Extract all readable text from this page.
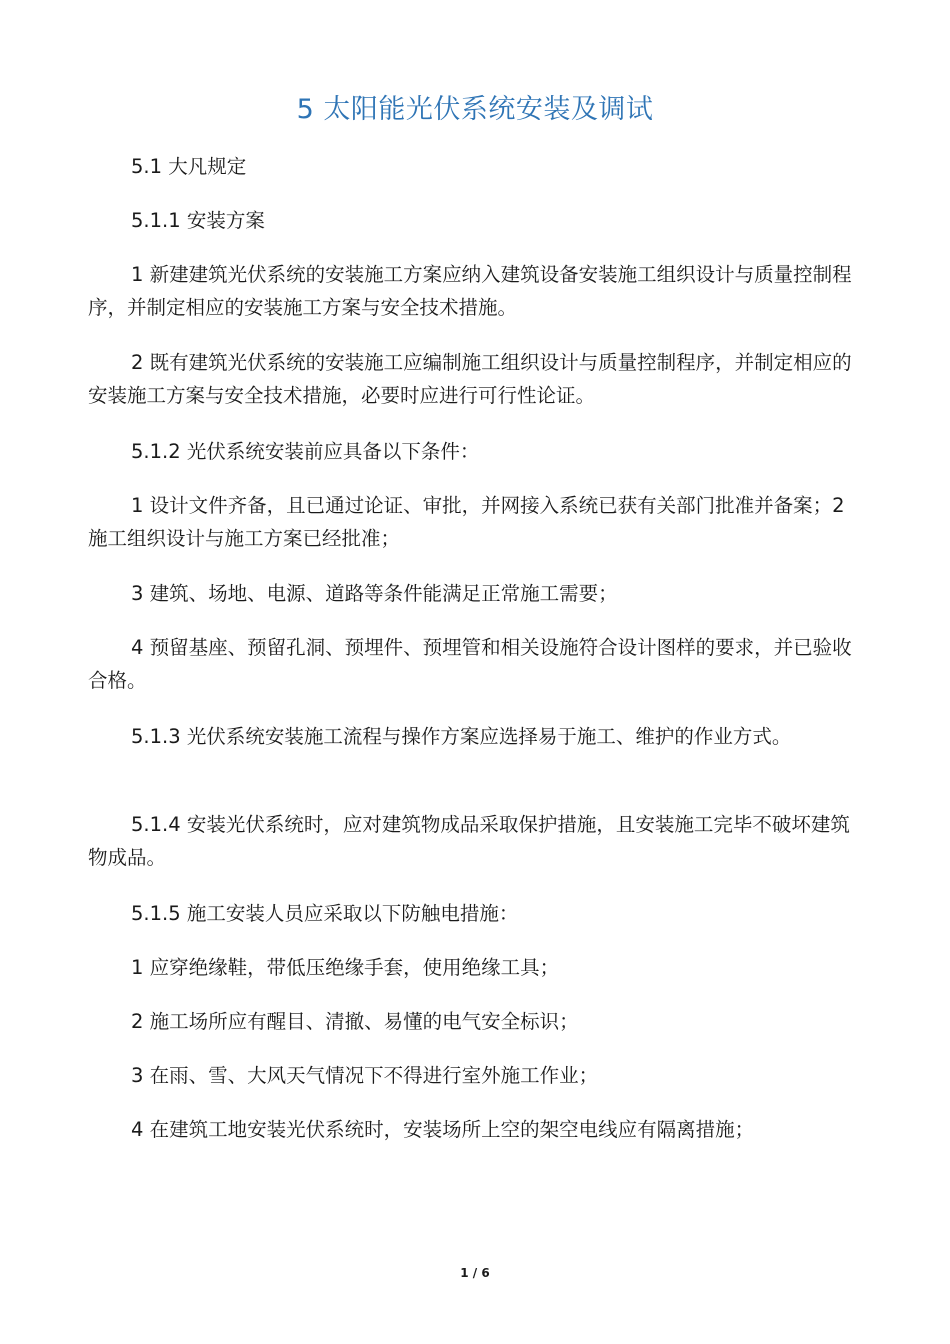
5 太阳能光伏系统安装及调试
5.1 大凡规定
5.1.1 安装方案
1 新建建筑光伏系统的安装施工方案应纳入建筑设备安装施工组织设计与质量控制程序，并制定相应的安装施工方案与安全技术措施。
2 既有建筑光伏系统的安装施工应编制施工组织设计与质量控制程序，并制定相应的安装施工方案与安全技术措施，必要时应进行可行性论证。
5.1.2 光伏系统安装前应具备以下条件：
1 设计文件齐备，且已通过论证、审批，并网接入系统已获有关部门批准并备案；2 施工组织设计与施工方案已经批准；
3 建筑、场地、电源、道路等条件能满足正常施工需要；
4 预留基座、预留孔洞、预埋件、预埋管和相关设施符合设计图样的要求，并已验收合格。
5.1.3 光伏系统安装施工流程与操作方案应选择易于施工、维护的作业方式。
5.1.4 安装光伏系统时，应对建筑物成品采取保护措施，且安装施工完毕不破坏建筑物成品。
5.1.5 施工安装人员应采取以下防触电措施：
1 应穿绝缘鞋，带低压绝缘手套，使用绝缘工具；
2 施工场所应有醒目、清撤、易懂的电气安全标识；
3 在雨、雪、大风天气情况下不得进行室外施工作业；
4 在建筑工地安装光伏系统时，安装场所上空的架空电线应有隔离措施；
1 / 6
